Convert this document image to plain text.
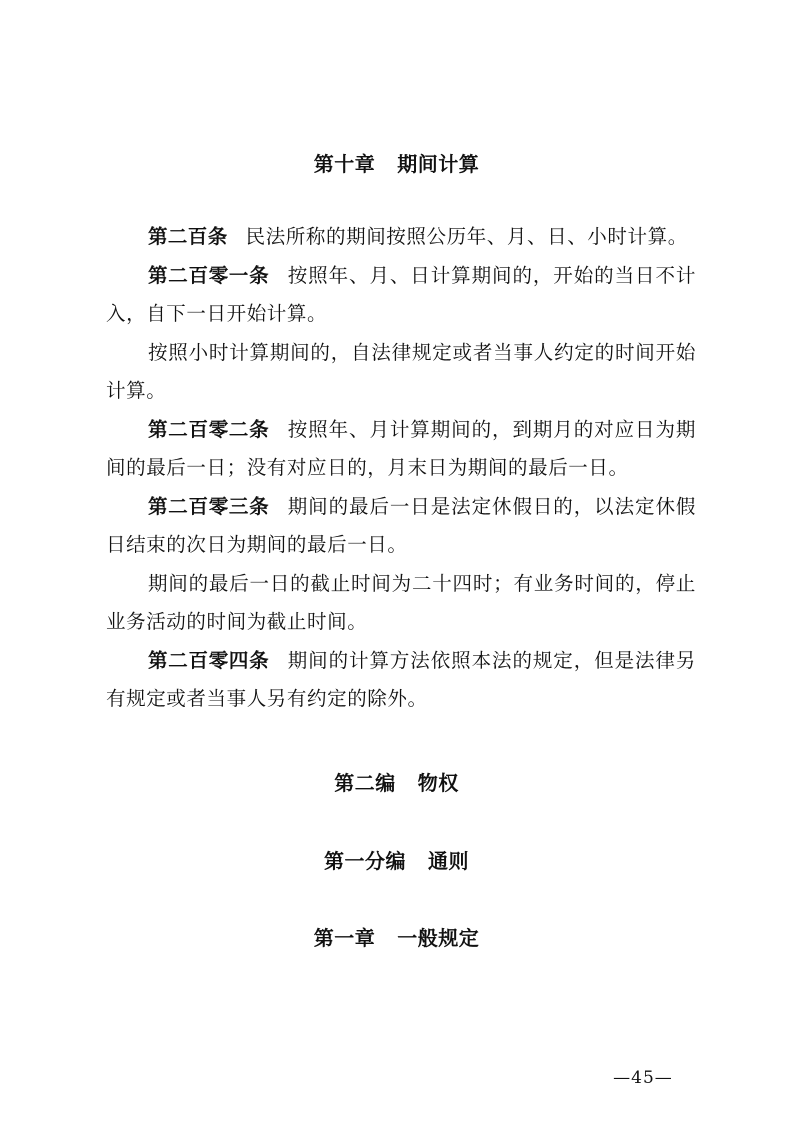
第十章 期间计算

第二百条 民法所称的期间按照公历年、月、日、小时计算。

第二百零一条 按照年、月、日计算期间的，开始的当日不计入，自下一日开始计算。

按照小时计算期间的，自法律规定或者当事人约定的时间开始计算。

第二百零二条 按照年、月计算期间的，到期月的对应日为期间的最后一日；没有对应日的，月末日为期间的最后一日。

第二百零三条 期间的最后一日是法定休假日的，以法定休假日结束的次日为期间的最后一日。

期间的最后一日的截止时间为二十四时；有业务时间的，停止业务活动的时间为截止时间。

第二百零四条 期间的计算方法依照本法的规定，但是法律另有规定或者当事人另有约定的除外。

第二编 物权
第一分编 通则
第一章 一般规定
—45—
